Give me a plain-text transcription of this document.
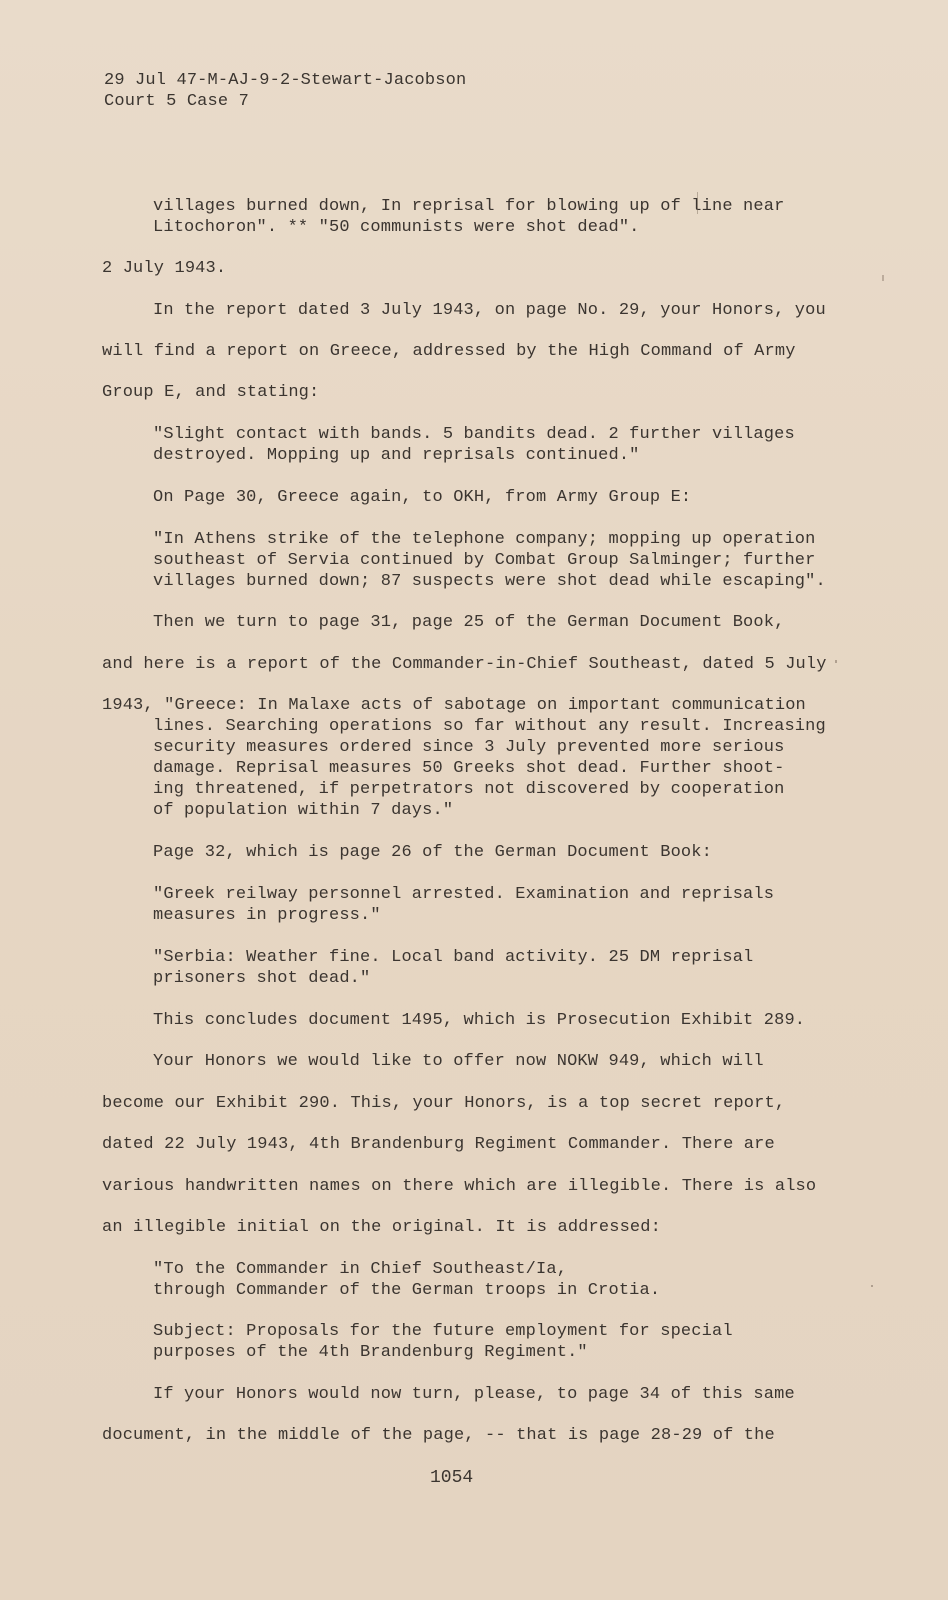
29 Jul 47-M-AJ-9-2-Stewart-Jacobson
Court 5 Case 7
villages burned down, In reprisal for blowing up of line near
Litochoron". ** "50 communists were shot dead".
2 July 1943.
In the report dated 3 July 1943, on page No. 29, your Honors, you
will find a report on Greece, addressed by the High Command of Army
Group E, and stating:
"Slight contact with bands. 5 bandits dead. 2 further villages
destroyed. Mopping up and reprisals continued."
On Page 30, Greece again, to OKH, from Army Group E:
"In Athens strike of the telephone company; mopping up operation
southeast of Servia continued by Combat Group Salminger; further
villages burned down; 87 suspects were shot dead while escaping".
Then we turn to page 31, page 25 of the German Document Book,
and here is a report of the Commander-in-Chief Southeast, dated 5 July
1943, "Greece: In Malaxe acts of sabotage on important communication
lines. Searching operations so far without any result. Increasing
security measures ordered since 3 July prevented more serious
damage. Reprisal measures 50 Greeks shot dead. Further shoot-
ing threatened, if perpetrators not discovered by cooperation
of population within 7 days."
Page 32, which is page 26 of the German Document Book:
"Greek reilway personnel arrested. Examination and reprisals
measures in progress."
"Serbia: Weather fine. Local band activity. 25 DM reprisal
prisoners shot dead."
This concludes document 1495, which is Prosecution Exhibit 289.
Your Honors we would like to offer now NOKW 949, which will
become our Exhibit 290. This, your Honors, is a top secret report,
dated 22 July 1943, 4th Brandenburg Regiment Commander. There are
various handwritten names on there which are illegible. There is also
an illegible initial on the original. It is addressed:
"To the Commander in Chief Southeast/Ia,
through Commander of the German troops in Crotia.
Subject: Proposals for the future employment for special
purposes of the 4th Brandenburg Regiment."
If your Honors would now turn, please, to page 34 of this same
document, in the middle of the page, -- that is page 28-29 of the
1054
